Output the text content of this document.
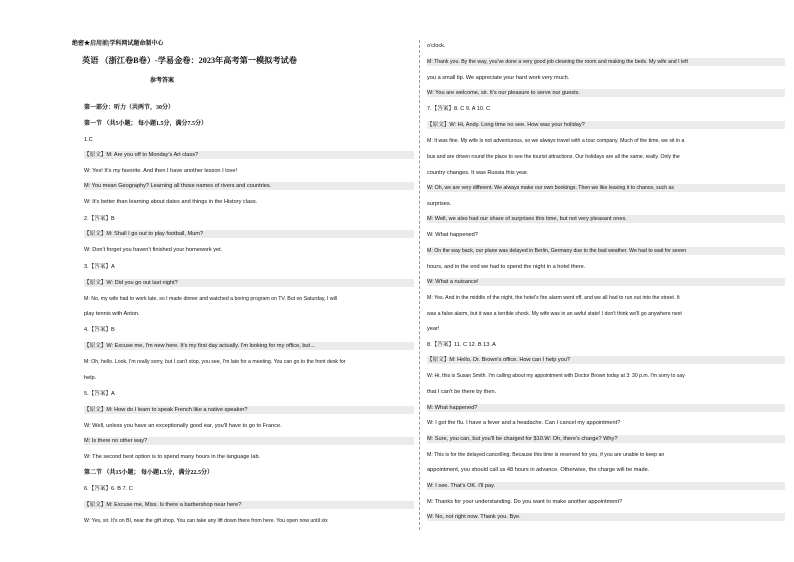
绝密★启用前|学科网试题命制中心
英语 （浙江卷B卷）-学易金卷：2023年高考第一模拟考试卷
参考答案
第一部分：听力（共两节，30分）
第一节 （共5小题； 每小题1.5分，满分7.5分）
1.C
【原文】M: Are you off to Monday's Art class?
W: Yes! It's my favorite. And then I have another lesson I love!
M: You mean Geography? Learning all those names of rivers and countries.
W: It's better than learning about dates and things in the History class.
2.【答案】B
【原文】M: Shall I go out to play football, Mum?
W: Don't forget you haven't finished your homework yet.
3.【答案】A
【原文】W: Did you go out last night?
M: No, my wife had to work late, so I made dinner and watched a boring program on TV. But on Saturday, I will
play tennis with Anton.
4.【答案】B
【原文】W: Excuse me, I'm new here. It's my first day actually. I'm looking for my office, but...
M: Oh, hello. Look, I'm really sorry, but I can't stop, you see, I'm late for a meeting. You can go to the front desk for
help.
5.【答案】A
【原文】M: How do I learn to speak French like a native speaker?
W: Well, unless you have an exceptionally good ear, you'll have to go to France.
M: Is there no other way?
W: The second best option is to spend many hours in the language lab.
第二节 （共15小题； 每小题1.5分，满分22.5分）
6.【答案】6. B 7. C
【原文】M: Excuse me, Miss. Is there a barbershop near here?
W: Yes, sir. It's on Bl, near the gift shop. You can take any lift down there from here. You open now until six
o'clock.
M: Thank you. By the way, you've done a very good job cleaning the room and making the beds. My wife and I left
you a small tip. We appreciate your hard work very much.
W: You are welcome, sir. It's our pleasure to serve our guests.
7.【答案】8. C 9. A 10. C
【原文】W: Hi, Andy. Long time no see. How was your holiday?
M: It was fine. My wife is not adventurous, so we always travel with a tour company. Much of the time, we sit in a
bus and are driven round the place to see the tourist attractions. Our holidays are all the same, really. Only the
country changes. It was Russia this year.
W: Oh, we are very different. We always make our own bookings. Then we like leaving it to chance, such as
surprises.
M: Well, we also had our share of surprises this time, but not very pleasant ones.
W: What happened?
M: On the way back, our plane was delayed in Berlin, Germany due to the bad weather. We had to wait for seven
hours, and in the end we had to spend the night in a hotel there.
W: What a nuisance!
M: Yes. And in the middle of the night, the hotel's fire alarm went off, and we all had to run out into the street. It
was a false alarm, but it was a terrible shock. My wife was in an awful state! I don't think we'll go anywhere next
year!
8.【答案】11. C 12. B 13. A
【原文】M: Hello, Dr. Brown's office. How can I help you?
W: Hi, this is Susan Smith. I'm calling about my appointment with Doctor Brown today at 3: 30 p.m. I'm sorry to say
that I can't be there by then.
M: What happened?
W: I got the flu. I have a fever and a headache. Can I cancel my appointment?
M: Sure, you can, but you'll be charged for $10.W: Oh, there's charge? Why?
M: This is for the delayed cancelling. Because this time is reserved for you, if you are unable to keep an
appointment, you should call us 48 hours in advance. Otherwise, the charge will be made.
W: I see. That's OK. I'll pay.
M: Thanks for your understanding. Do you want to make another appointment?
W: No, not right now. Thank you. Bye.
